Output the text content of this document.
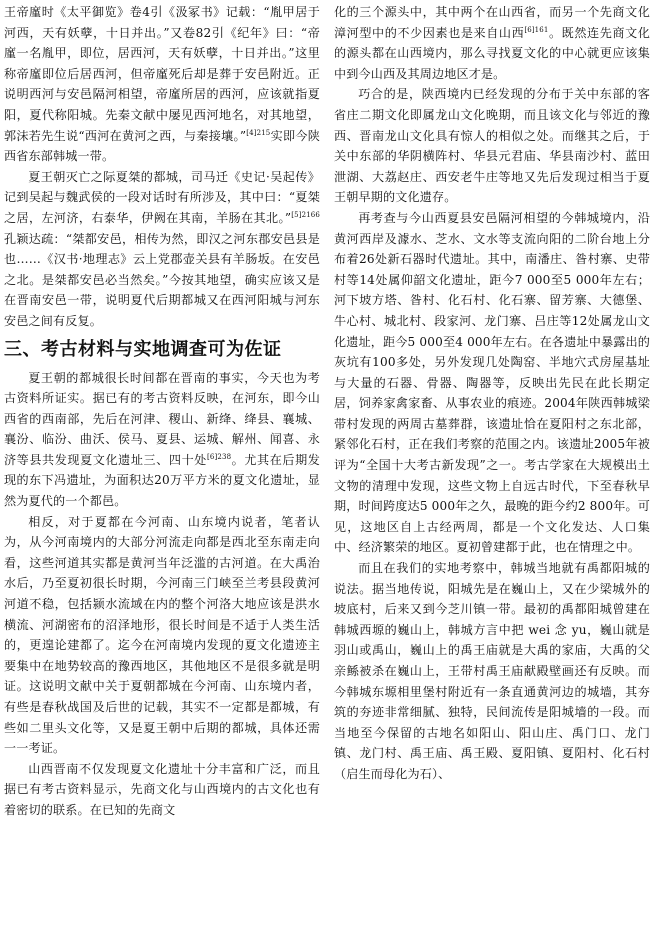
王帝廑时《太平御览》卷4引《汲冢书》记载：“胤甲居于河西，天有妖孽，十日并出。”又卷82引《纪年》曰：“帝廑一名胤甲，即位，居西河，天有妖孽，十日并出。”这里称帝廑即位后居西河，但帝廑死后却是葬于安邑附近。正说明西河与安邑隔河相望，帝廑所居的西河，应该就指夏阳，夏代称阳城。先秦文献中屡见西河地名，对其地望，郭沫若先生说“西河在黄河之西，与秦接壤。”$^{[4]215}$实即今陕西省东部韩城一带。

夏王朝灭亡之际夏桀的都城，司马迁《史记·吴起传》记到吴起与魏武侯的一段对话时有所涉及，其中曰：“夏桀之居，左河济，右泰华，伊阙在其南，羊肠在其北。”$^{[5]2166}$孔颖达疏：“桀都安邑，相传为然，即汉之河东郡安邑县是也……《汉书·地理志》云上党郡壶关县有羊肠坂。在安邑之北。是桀都安邑必当然矣。”今按其地望，确实应该又是在晋南安邑一带，说明夏代后期都城又在西河阳城与河东安邑之间有反复。

三、考古材料与实地调查可为佐证

夏王朝的都城很长时间都在晋南的事实，今天也为考古资料所证实。据已有的考古资料反映，在河东，即今山西省的西南部，先后在河津、稷山、新绛、绛县、襄城、襄汾、临汾、曲沃、侯马、夏县、运城、解州、闻喜、永济等县共发现夏文化遗址三、四十处$^{[6]238}$。尤其在后期发现的东下冯遗址，为面积达20万平方米的夏文化遗址，显然为夏代的一个都邑。

相反，对于夏都在今河南、山东境内说者，笔者认为，从今河南境内的大部分河流走向都是西北至东南走向看，这些河道其实都是黄河当年泛滥的古河道。在大禹治水后，乃至夏初很长时期，今河南三门峡至兰考县段黄河河道不稳，包括颍水流域在内的整个河洛大地应该是洪水横流、河湖密布的沼泽地形，很长时间是不适于人类生活的，更遑论建都了。迄今在河南境内发现的夏文化遗迹主要集中在地势较高的豫西地区，其他地区不是很多就是明证。这说明文献中关于夏朝都城在今河南、山东境内者，有些是春秋战国及后世的记载，其实不一定都是都城，有些如二里头文化等，又是夏王朝中后期的都城，具体还需一一考证。

山西晋南不仅发现夏文化遗址十分丰富和广泛，而且据已有考古资料显示，先商文化与山西境内的古文化也有着密切的联系。在已知的先商文

化的三个源头中，其中两个在山西省，而另一个先商文化漳河型中的不少因素也是来自山西$^{[6]161}$。既然连先商文化的源头都在山西境内，那么寻找夏文化的中心就更应该集中到今山西及其周边地区才是。

巧合的是，陕西境内已经发现的分布于关中东部的客省庄二期文化即属龙山文化晚期，而且该文化与邻近的豫西、晋南龙山文化具有惊人的相似之处。而继其之后，于关中东部的华阴横阵村、华县元君庙、华县南沙村、蓝田泄湖、大荔赵庄、西安老牛庄等地又先后发现过相当于夏王朝早期的文化遗存。

再考查与今山西夏县安邑隔河相望的今韩城境内，沿黄河西岸及澽水、芝水、文水等支流向阳的二阶台地上分布着26处新石器时代遗址。其中，南潘庄、昝村寨、史带村等14处属仰韶文化遗址，距今7 000至5 000年左右；河下坡方塔、昝村、化石村、化石寨、留芳寨、大德堡、牛心村、城北村、段家河、龙门寨、吕庄等12处属龙山文化遗址，距今5 000至4 000年左右。在各遗址中暴露出的灰坑有100多处，另外发现几处陶窑、半地穴式房屋基址与大量的石器、骨器、陶器等，反映出先民在此长期定居，饲养家禽家畜、从事农业的痕迹。2004年陕西韩城梁带村发现的两周古墓葬群，该遗址恰在夏阳村之东北部，紧邻化石村，正在我们考察的范围之内。该遗址2005年被评为“全国十大考古新发现”之一。考古学家在大规模出土文物的清理中发现，这些文物上自远古时代，下至春秋早期，时间跨度达5 000年之久，最晚的距今约2 800年。可见，这地区自上古经两周，都是一个文化发达、人口集中、经济繁荣的地区。夏初曾建都于此，也在情理之中。

而且在我们的实地考察中，韩城当地就有禹都阳城的说法。据当地传说，阳城先是在巍山上，又在少梁城外的坡底村，后来又到今芝川镇一带。最初的禹都阳城曾建在韩城西塬的巍山上，韩城方言中把 wei 念 yu，巍山就是羽山或禹山，巍山上的禹王庙就是大禹的家庙，大禹的父亲鲧被杀在巍山上，王带村禹王庙献殿壁画还有反映。而今韩城东塬相里堡村附近有一条直通黄河边的城墙，其夯筑的夯迹非常细腻、独特，民间流传是阳城墙的一段。而当地至今保留的古地名如阳山、阳山庄、禹门口、龙门镇、龙门村、禹王庙、禹王殿、夏阳镇、夏阳村、化石村（启生而母化为石）、
